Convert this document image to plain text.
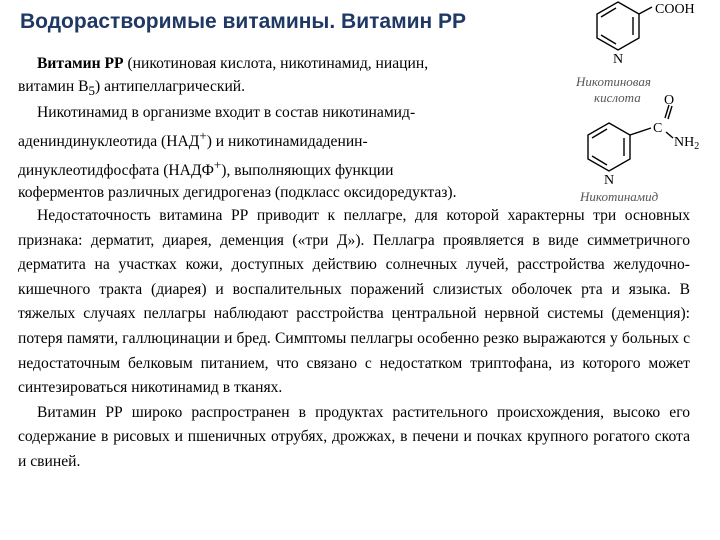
Водорастворимые витамины. Витамин РР
Витамин РР (никотиновая кислота, никотинамид, ниацин,
витамин $В_5$) антипеллагрический.
Никотинамид в организме входит в состав никотинамид-
адениндинуклеотида (НАД+) и никотинамидаденин-
динуклеотидфосфата (НАДФ+), выполняющих функции
коферментов различных дегидрогеназ (подкласс оксидоредуктаз).
COOH
N
Никотиновая
кислота O
C
$NH_2$
N
Никотинамид

Недостаточность витамина РР приводит к пеллагре, для которой характерны три основных признака: дерматит, диарея, деменция («три Д»). Пеллагра проявляется в виде симметричного дерматита на участках кожи, доступных действию солнечных лучей, расстройства желудочно-кишечного тракта (диарея) и воспалительных поражений слизистых оболочек рта и языка. В тяжелых случаях пеллагры наблюдают расстройства центральной нервной системы (деменция): потеря памяти, галлюцинации и бред. Симптомы пеллагры особенно резко выражаются у больных с недостаточным белковым питанием, что связано с недостатком триптофана, из которого может синтезироваться никотинамид в тканях.

Витамин РР широко распространен в продуктах растительного происхождения, высоко его содержание в рисовых и пшеничных отрубях, дрожжах, в печени и почках крупного рогатого скота и свиней.
